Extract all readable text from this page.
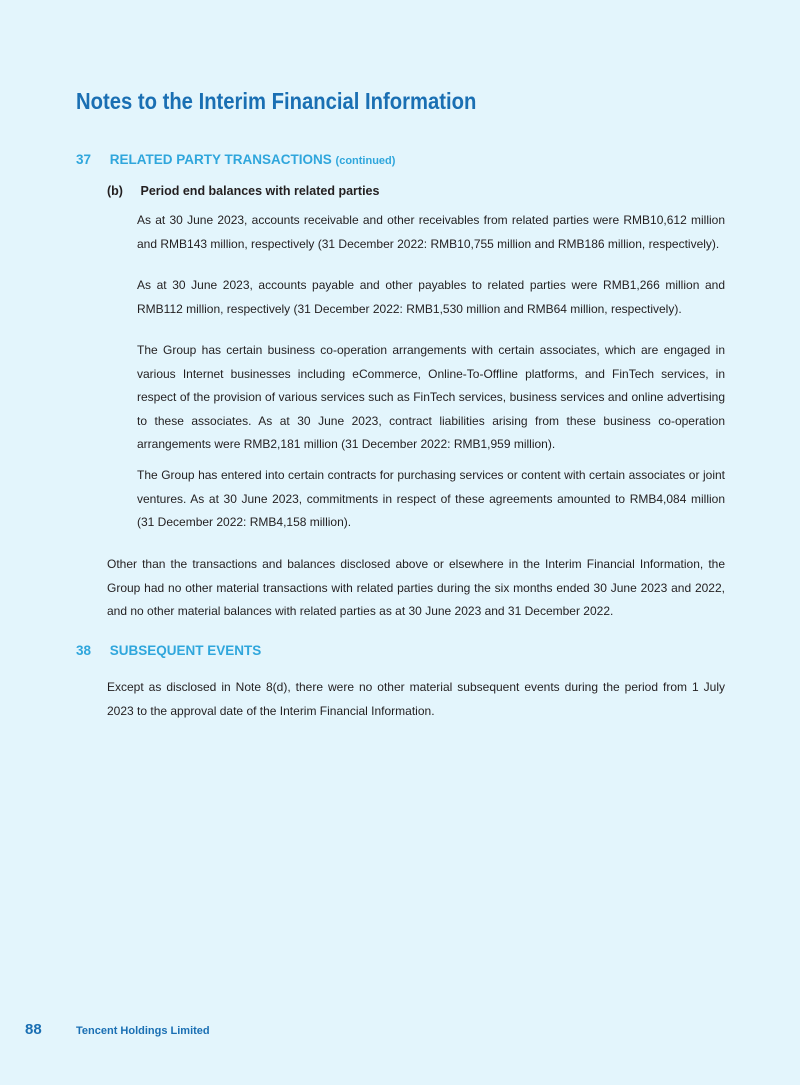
Notes to the Interim Financial Information
37 RELATED PARTY TRANSACTIONS (continued)
(b) Period end balances with related parties

As at 30 June 2023, accounts receivable and other receivables from related parties were RMB10,612 million and RMB143 million, respectively (31 December 2022: RMB10,755 million and RMB186 million, respectively).

As at 30 June 2023, accounts payable and other payables to related parties were RMB1,266 million and RMB112 million, respectively (31 December 2022: RMB1,530 million and RMB64 million, respectively).

The Group has certain business co-operation arrangements with certain associates, which are engaged in various Internet businesses including eCommerce, Online-To-Offline platforms, and FinTech services, in respect of the provision of various services such as FinTech services, business services and online advertising to these associates. As at 30 June 2023, contract liabilities arising from these business co-operation arrangements were RMB2,181 million (31 December 2022: RMB1,959 million).

The Group has entered into certain contracts for purchasing services or content with certain associates or joint ventures. As at 30 June 2023, commitments in respect of these agreements amounted to RMB4,084 million (31 December 2022: RMB4,158 million).

Other than the transactions and balances disclosed above or elsewhere in the Interim Financial Information, the Group had no other material transactions with related parties during the six months ended 30 June 2023 and 2022, and no other material balances with related parties as at 30 June 2023 and 31 December 2022.

38 SUBSEQUENT EVENTS

Except as disclosed in Note 8(d), there were no other material subsequent events during the period from 1 July 2023 to the approval date of the Interim Financial Information.

88	Tencent Holdings Limited
